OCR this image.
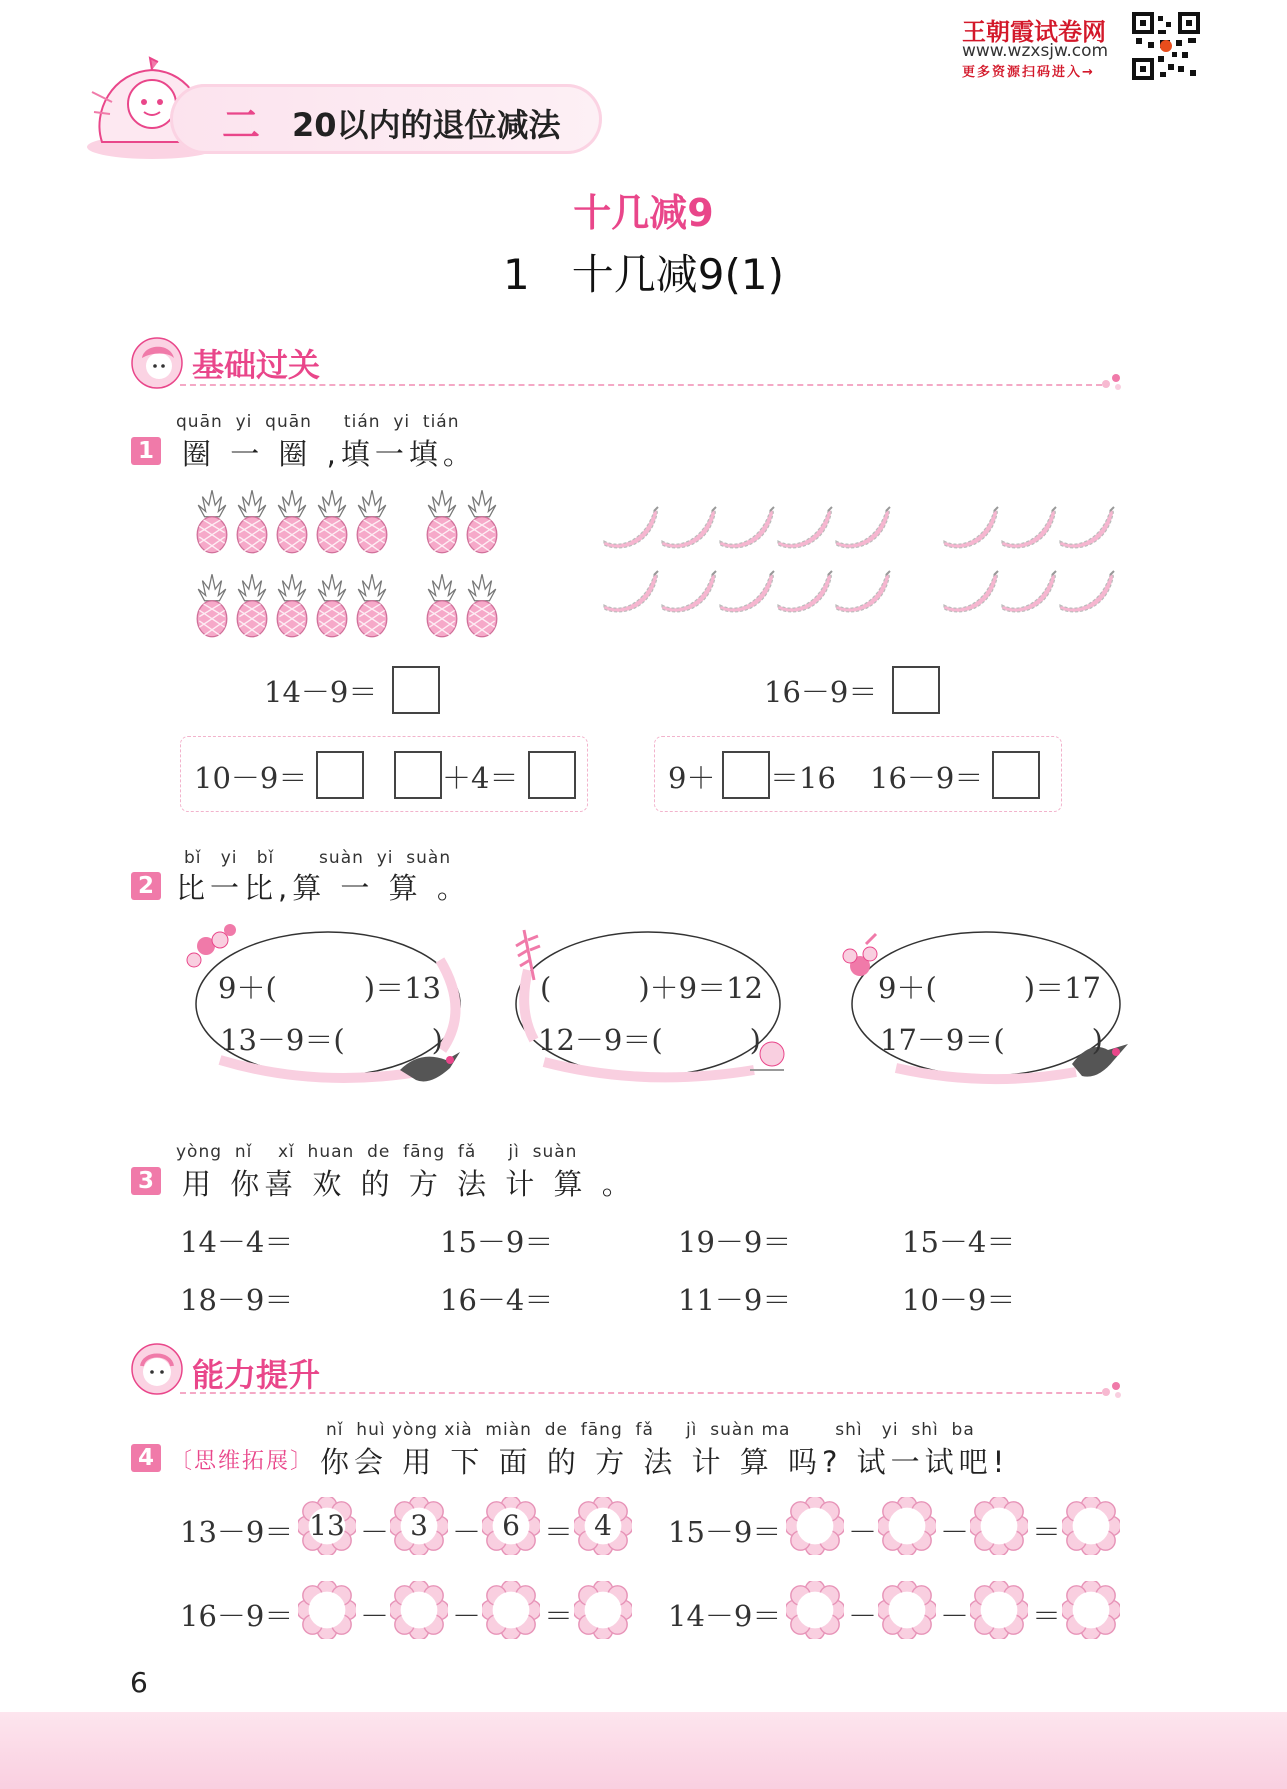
王朝霞试卷网
www.wzxsjw.com
更多资源扫码进入→
二 20以内的退位减法
十几减9
1　十几减9(1)
基础过关
quān  yi  quān     tián  yi  tián
1 圈 一 圈 ,填一填。
14－9＝	16－9＝
10－9＝	＋4＝	9＋ ＝16 16－9＝
bǐ   yi   bǐ       suàn  yi  suàn
2 比一比,算 一 算 。
9＋(　　　)＝13
13－9＝(　　　)
(　　　)＋9＝12
12－9＝(　　　)
9＋(　　　)＝17
17－9＝(　　　)
yòng  nǐ    xǐ  huan  de  fāng  fǎ     jì  suàn
3 用 你喜 欢 的 方 法 计 算 。
14－4＝	15－9＝	19－9＝	15－4＝
18－9＝	16－4＝	11－9＝	10－9＝
能力提升
nǐ  huì yòng xià  miàn  de  fāng  fǎ     jì  suàn ma       shì   yi  shì  ba
4 〔思维拓展〕 你会 用 下 面 的 方 法 计 算 吗? 试一试吧!
13－9＝ 13 － 3 － 6 ＝ 4	15－9＝ － － ＝
16－9＝ － － ＝	14－9＝ － － ＝
6
